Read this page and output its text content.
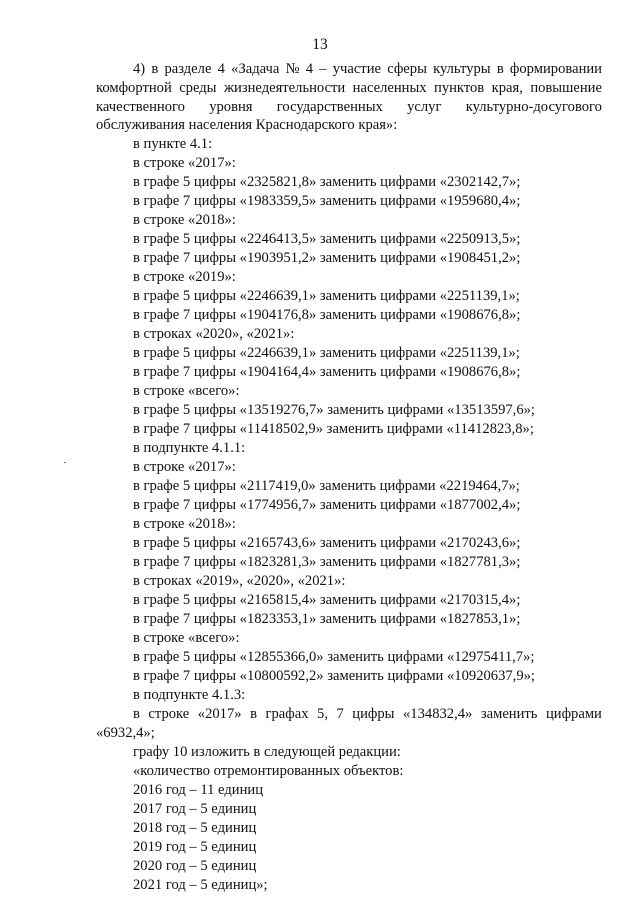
13
4) в разделе 4 «Задача № 4 – участие сферы культуры в формировании
комфортной среды жизнедеятельности населенных пунктов края, повышение
качественного уровня государственных услуг культурно-досугового
обслуживания населения Краснодарского края»:
в пункте 4.1:
в строке «2017»:
в графе 5 цифры «2325821,8» заменить цифрами «2302142,7»;
в графе 7 цифры «1983359,5» заменить цифрами «1959680,4»;
в строке «2018»:
в графе 5 цифры «2246413,5» заменить цифрами «2250913,5»;
в графе 7 цифры «1903951,2» заменить цифрами «1908451,2»;
в строке «2019»:
в графе 5 цифры «2246639,1» заменить цифрами «2251139,1»;
в графе 7 цифры «1904176,8» заменить цифрами «1908676,8»;
в строках «2020», «2021»:
в графе 5 цифры «2246639,1» заменить цифрами «2251139,1»;
в графе 7 цифры «1904164,4» заменить цифрами «1908676,8»;
в строке «всего»:
в графе 5 цифры «13519276,7» заменить цифрами «13513597,6»;
в графе 7 цифры «11418502,9» заменить цифрами «11412823,8»;
в подпункте 4.1.1:
в строке «2017»:
в графе 5 цифры «2117419,0» заменить цифрами «2219464,7»;
в графе 7 цифры «1774956,7» заменить цифрами «1877002,4»;
в строке «2018»:
в графе 5 цифры «2165743,6» заменить цифрами «2170243,6»;
в графе 7 цифры «1823281,3» заменить цифрами «1827781,3»;
в строках «2019», «2020», «2021»:
в графе 5 цифры «2165815,4» заменить цифрами «2170315,4»;
в графе 7 цифры «1823353,1» заменить цифрами «1827853,1»;
в строке «всего»:
в графе 5 цифры «12855366,0» заменить цифрами «12975411,7»;
в графе 7 цифры «10800592,2» заменить цифрами «10920637,9»;
в подпункте 4.1.3:
в строке «2017» в графах 5, 7 цифры «134832,4» заменить цифрами
«6932,4»;
графу 10 изложить в следующей редакции:
«количество отремонтированных объектов:
2016 год – 11 единиц
2017 год – 5 единиц
2018 год – 5 единиц
2019 год – 5 единиц
2020 год – 5 единиц
2021 год – 5 единиц»;
